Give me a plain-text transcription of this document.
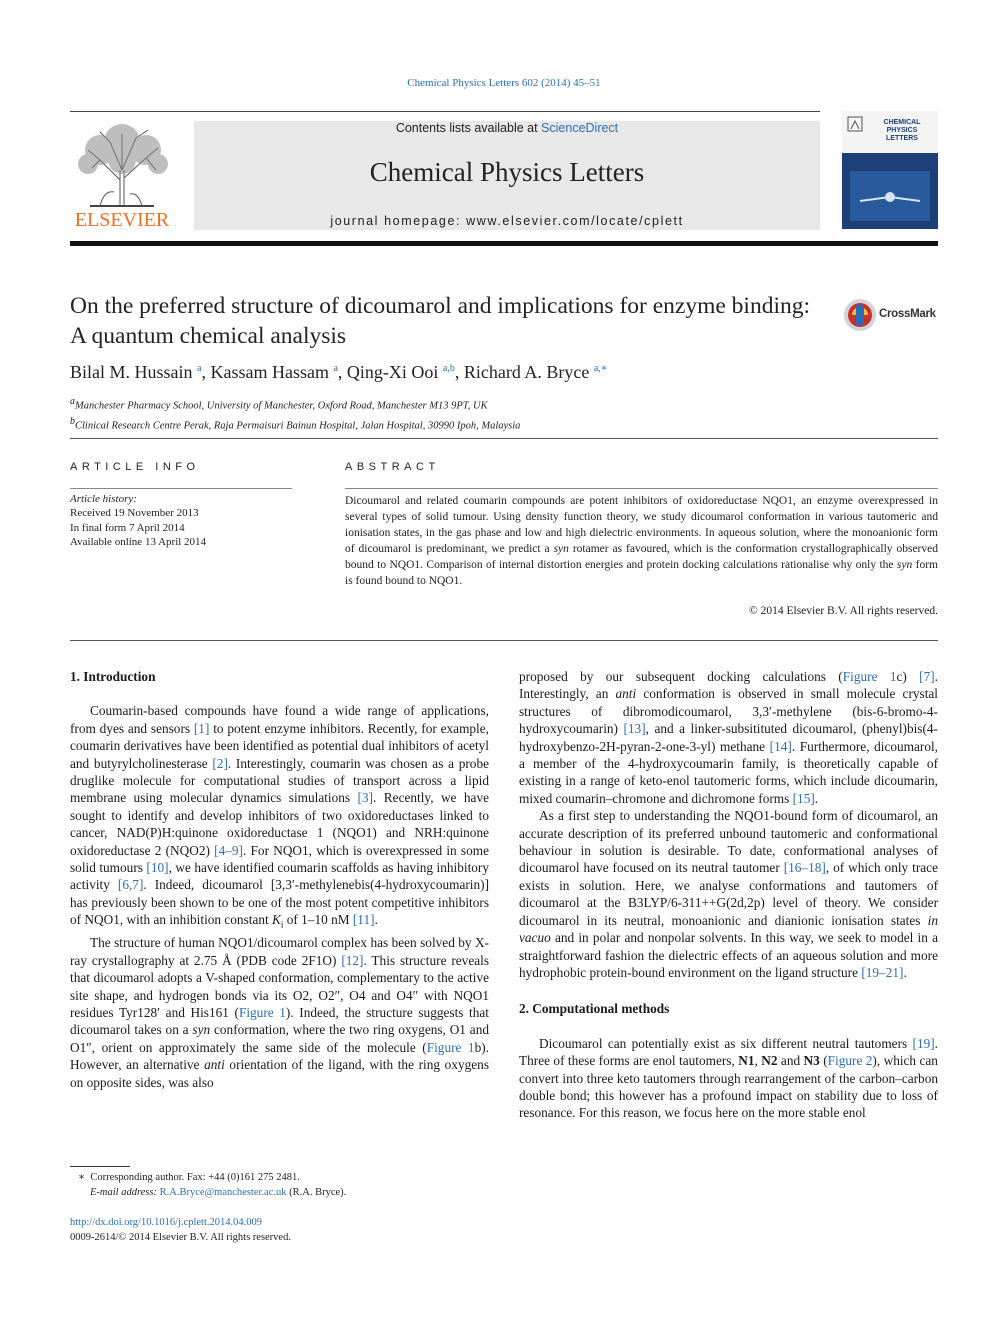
Chemical Physics Letters 602 (2014) 45–51
ELSEVIER
Contents lists available at ScienceDirect
Chemical Physics Letters
journal homepage: www.elsevier.com/locate/cplett
CHEMICAL PHYSICS LETTERS
On the preferred structure of dicoumarol and implications for enzyme binding: A quantum chemical analysis
CrossMark
Bilal M. Hussain $^a$, Kassam Hassam $^a$, Qing-Xi Ooi $^{a,b}$, Richard A. Bryce $^{a,∗}$
$^a$Manchester Pharmacy School, University of Manchester, Oxford Road, Manchester M13 9PT, UK
$^b$Clinical Research Centre Perak, Raja Permaisuri Bainun Hospital, Jalan Hospital, 30990 Ipoh, Malaysia
ARTICLE INFO
Article history:
Received 19 November 2013
In final form 7 April 2014
Available online 13 April 2014
ABSTRACT
Dicoumarol and related coumarin compounds are potent inhibitors of oxidoreductase NQO1, an enzyme overexpressed in several types of solid tumour. Using density function theory, we study dicoumarol conformation in various tautomeric and ionisation states, in the gas phase and low and high dielectric environments. In aqueous solution, where the monoanionic form of dicoumarol is predominant, we predict a syn rotamer as favoured, which is the conformation crystallographically observed bound to NQO1. Comparison of internal distortion energies and protein docking calculations rationalise why only the syn form is found bound to NQO1.
© 2014 Elsevier B.V. All rights reserved.
1. Introduction

Coumarin-based compounds have found a wide range of applications, from dyes and sensors [1] to potent enzyme inhibitors. Recently, for example, coumarin derivatives have been identified as potential dual inhibitors of acetyl and butyrylcholinesterase [2]. Interestingly, coumarin was chosen as a probe druglike molecule for computational studies of transport across a lipid membrane using molecular dynamics simulations [3]. Recently, we have sought to identify and develop inhibitors of two oxidoreductases linked to cancer, NAD(P)H:quinone oxidoreductase 1 (NQO1) and NRH:quinone oxidoreductase 2 (NQO2) [4–9]. For NQO1, which is overexpressed in some solid tumours [10], we have identified coumarin scaffolds as having inhibitory activity [6,7]. Indeed, dicoumarol [3,3′-methylenebis(4-hydroxycoumarin)] has previously been shown to be one of the most potent competitive inhibitors of NQO1, with an inhibition constant $K_i$ of 1–10 nM [11].

The structure of human NQO1/dicoumarol complex has been solved by X-ray crystallography at 2.75 Å (PDB code 2F1O) [12]. This structure reveals that dicoumarol adopts a V-shaped conformation, complementary to the active site shape, and hydrogen bonds via its O2, O2″, O4 and O4″ with NQO1 residues Tyr128′ and His161 (Figure 1). Indeed, the structure suggests that dicoumarol takes on a syn conformation, where the two ring oxygens, O1 and O1″, orient on approximately the same side of the molecule (Figure 1b). However, an alternative anti orientation of the ligand, with the ring oxygens on opposite sides, was also

proposed by our subsequent docking calculations (Figure 1c) [7]. Interestingly, an anti conformation is observed in small molecule crystal structures of dibromodicoumarol, 3,3′-methylene (bis-6-bromo-4-hydroxycoumarin) [13], and a linker-subsitituted dicoumarol, (phenyl)bis(4-hydroxybenzo-2H-pyran-2-one-3-yl) methane [14]. Furthermore, dicoumarol, a member of the 4-hydroxycoumarin family, is theoretically capable of existing in a range of keto-enol tautomeric forms, which include dicoumarin, mixed coumarin–chromone and dichromone forms [15].

As a first step to understanding the NQO1-bound form of dicoumarol, an accurate description of its preferred unbound tautomeric and conformational behaviour in solution is desirable. To date, conformational analyses of dicoumarol have focused on its neutral tautomer [16–18], of which only trace exists in solution. Here, we analyse conformations and tautomers of dicoumarol at the B3LYP/6-311++G(2d,2p) level of theory. We consider dicoumarol in its neutral, monoanionic and dianionic ionisation states in vacuo and in polar and nonpolar solvents. In this way, we seek to model in a straightforward fashion the dielectric effects of an aqueous solution and more hydrophobic protein-bound environment on the ligand structure [19–21].

2. Computational methods

Dicoumarol can potentially exist as six different neutral tautomers [19]. Three of these forms are enol tautomers, N1, N2 and N3 (Figure 2), which can convert into three keto tautomers through rearrangement of the carbon–carbon double bond; this however has a profound impact on stability due to loss of resonance. For this reason, we focus here on the more stable enol

∗ Corresponding author. Fax: +44 (0)161 275 2481.
E-mail address: R.A.Bryce@manchester.ac.uk (R.A. Bryce).
http://dx.doi.org/10.1016/j.cplett.2014.04.009
0009-2614/© 2014 Elsevier B.V. All rights reserved.
